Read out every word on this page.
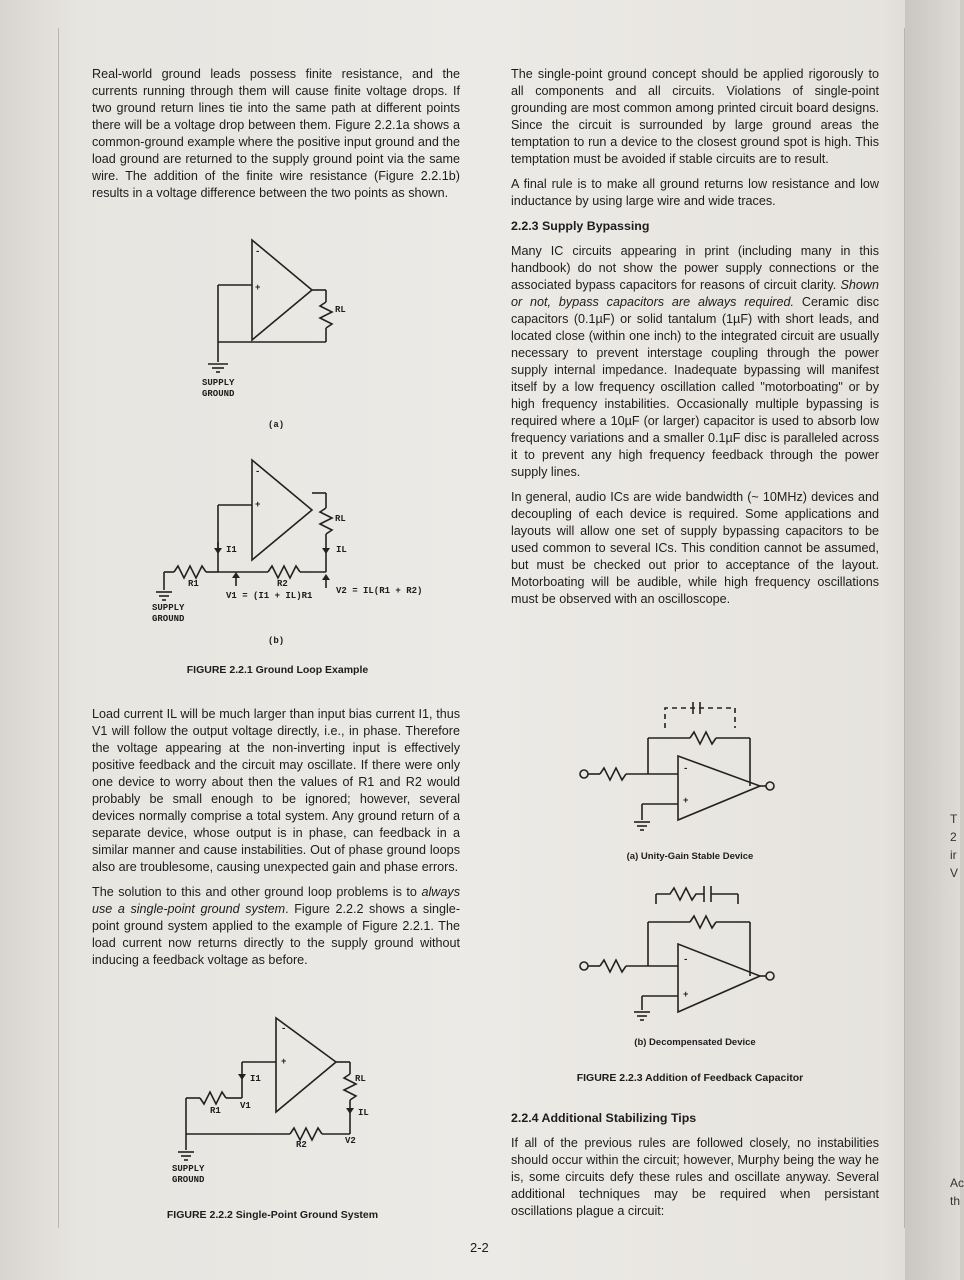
Real-world ground leads possess finite resistance, and the currents running through them will cause finite voltage drops. If two ground return lines tie into the same path at different points there will be a voltage drop between them. Figure 2.2.1a shows a common-ground example where the positive input ground and the load ground are returned to the supply ground point via the same wire. The addition of the finite wire resistance (Figure 2.2.1b) results in a voltage difference between the two points as shown.

-
+
RL
SUPPLY
GROUND
(a)
-
+
RL
I1	IL
R1	R2
V1 = (I1 + IL)R1	V2 = IL(R1 + R2)
SUPPLY
GROUND
(b)
FIGURE 2.2.1 Ground Loop Example

Load current IL will be much larger than input bias current I1, thus V1 will follow the output voltage directly, i.e., in phase. Therefore the voltage appearing at the non-inverting input is effectively positive feedback and the circuit may oscillate. If there were only one device to worry about then the values of R1 and R2 would probably be small enough to be ignored; however, several devices normally comprise a total system. Any ground return of a separate device, whose output is in phase, can feedback in a similar manner and cause instabilities. Out of phase ground loops also are troublesome, causing unexpected gain and phase errors.

The solution to this and other ground loop problems is to always use a single-point ground system. Figure 2.2.2 shows a single-point ground system applied to the example of Figure 2.2.1. The load current now returns directly to the supply ground without inducing a feedback voltage as before.

-
+
RL
I1
R1 V1
IL
R2	V2
SUPPLY
GROUND
FIGURE 2.2.2 Single-Point Ground System

The single-point ground concept should be applied rigorously to all components and all circuits. Violations of single-point grounding are most common among printed circuit board designs. Since the circuit is surrounded by large ground areas the temptation to run a device to the closest ground spot is high. This temptation must be avoided if stable circuits are to result.

A final rule is to make all ground returns low resistance and low inductance by using large wire and wide traces.

2.2.3 Supply Bypassing

Many IC circuits appearing in print (including many in this handbook) do not show the power supply connections or the associated bypass capacitors for reasons of circuit clarity. Shown or not, bypass capacitors are always required. Ceramic disc capacitors (0.1µF) or solid tantalum (1µF) with short leads, and located close (within one inch) to the integrated circuit are usually necessary to prevent interstage coupling through the power supply internal impedance. Inadequate bypassing will manifest itself by a low frequency oscillation called "motorboating" or by high frequency instabilities. Occasionally multiple bypassing is required where a 10µF (or larger) capacitor is used to absorb low frequency variations and a smaller 0.1µF disc is paralleled across it to prevent any high frequency feedback through the power supply lines.

In general, audio ICs are wide bandwidth (~ 10MHz) devices and decoupling of each device is required. Some applications and layouts will allow one set of supply bypassing capacitors to be used common to several ICs. This condition cannot be assumed, but must be checked out prior to acceptance of the layout. Motorboating will be audible, while high frequency oscillations must be observed with an oscilloscope.

-
+
(a) Unity-Gain Stable Device
-
+
(b) Decompensated Device
FIGURE 2.2.3 Addition of Feedback Capacitor
2.2.4 Additional Stabilizing Tips

If all of the previous rules are followed closely, no instabilities should occur within the circuit; however, Murphy being the way he is, some circuits defy these rules and oscillate anyway. Several additional techniques may be required when persistant oscillations plague a circuit:

2-2
T
2
ir
V
Ac
th
